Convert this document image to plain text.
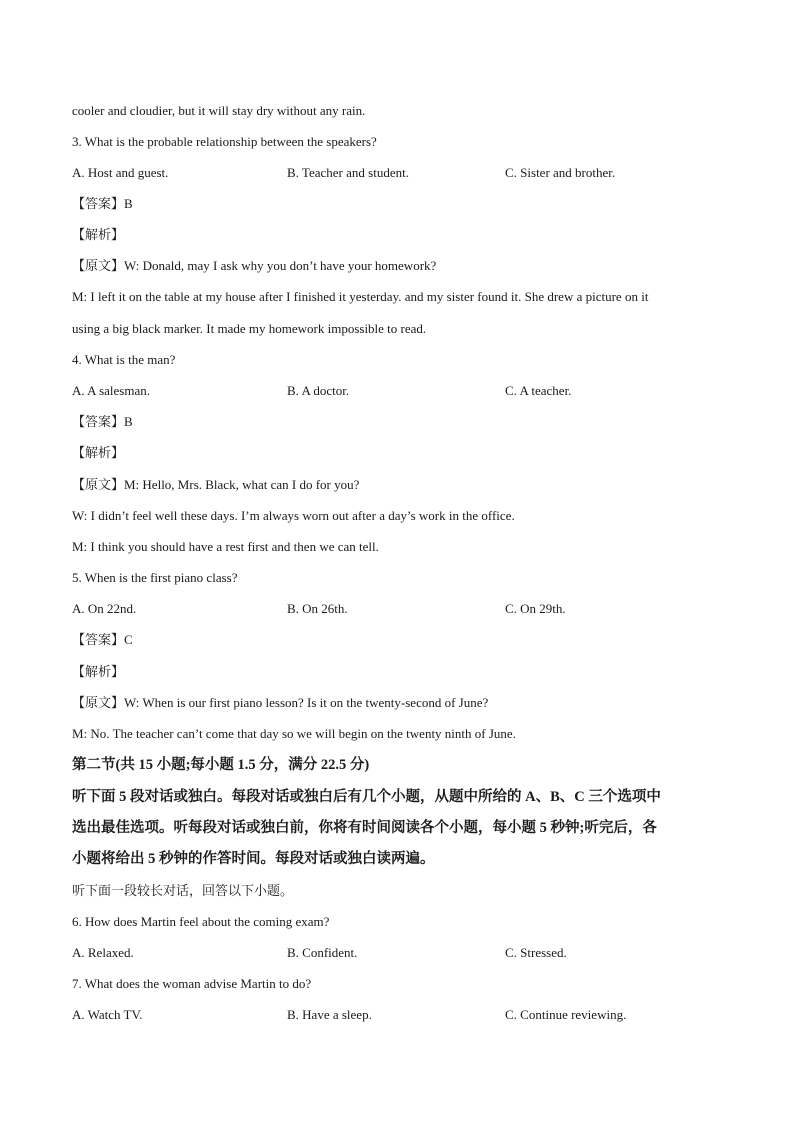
cooler and cloudier, but it will stay dry without any rain.
3. What is the probable relationship between the speakers?
A. Host and guest.	B. Teacher and student.	C. Sister and brother.
【答案】B
【解析】
【原文】W: Donald, may I ask why you don’t have your homework?
M: I left it on the table at my house after I finished it yesterday. and my sister found it. She drew a picture on it
using a big black marker. It made my homework impossible to read.
4. What is the man?
A. A salesman.	B. A doctor.	C. A teacher.
【答案】B
【解析】
【原文】M: Hello, Mrs. Black, what can I do for you?
W: I didn’t feel well these days. I’m always worn out after a day’s work in the office.
M: I think you should have a rest first and then we can tell.
5. When is the first piano class?
A. On 22nd.	B. On 26th.	C. On 29th.
【答案】C
【解析】
【原文】W: When is our first piano lesson? Is it on the twenty-second of June?
M: No. The teacher can’t come that day so we will begin on the twenty ninth of June.
第二节(共 15 小题;每小题 1.5 分，满分 22.5 分)
听下面 5 段对话或独白。每段对话或独白后有几个小题，从题中所给的 A、B、C 三个选项中
选出最佳选项。听每段对话或独白前，你将有时间阅读各个小题，每小题 5 秒钟;听完后，各
小题将给出 5 秒钟的作答时间。每段对话或独白读两遍。
听下面一段较长对话，回答以下小题。
6. How does Martin feel about the coming exam?
A. Relaxed.	B. Confident.	C. Stressed.
7. What does the woman advise Martin to do?
A. Watch TV.	B. Have a sleep.	C. Continue reviewing.
